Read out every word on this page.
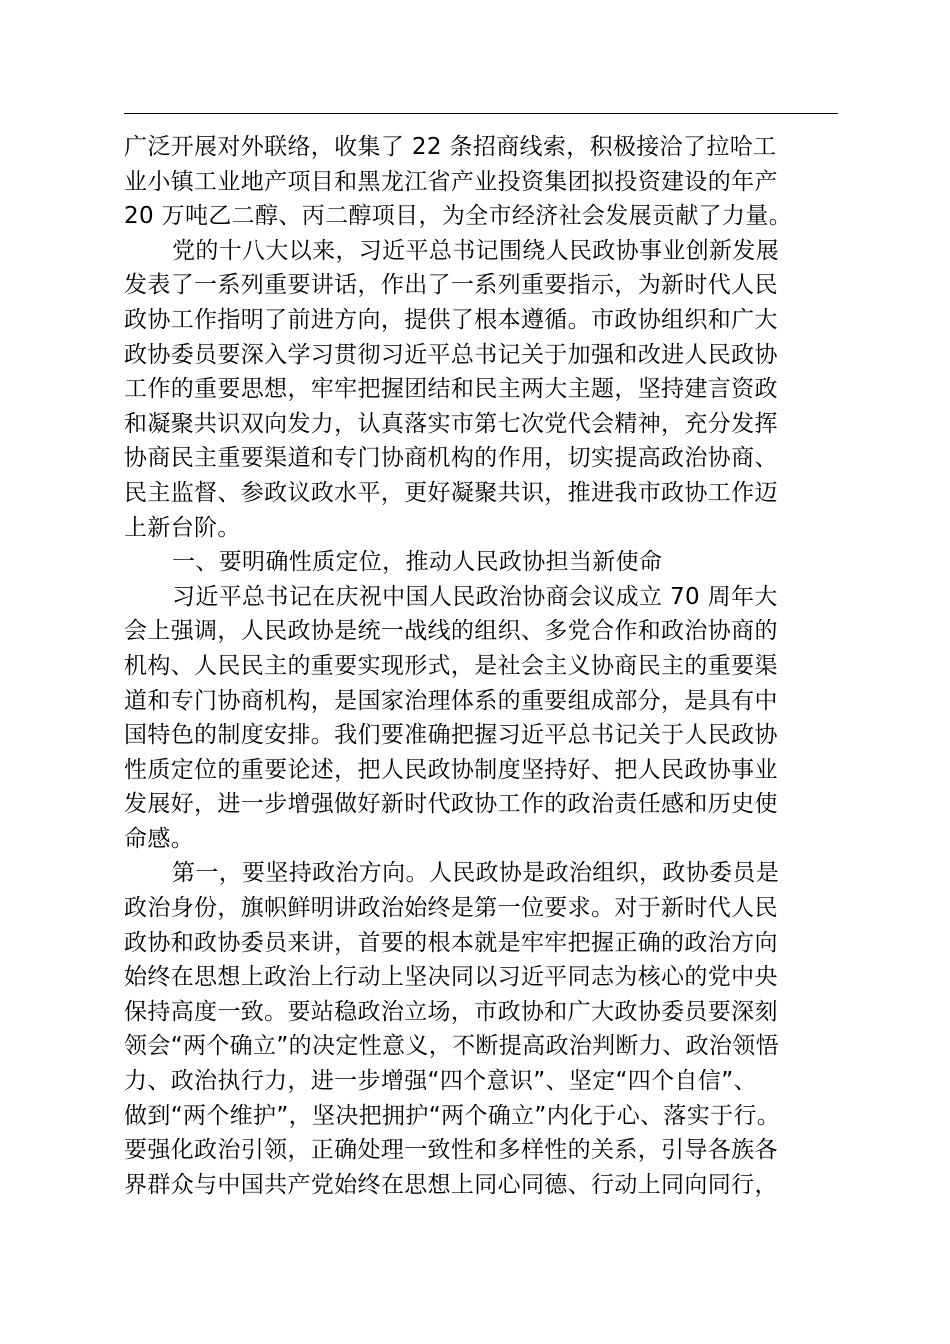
广泛开展对外联络，收集了 22 条招商线索，积极接洽了拉哈工
业小镇工业地产项目和黑龙江省产业投资集团拟投资建设的年产
20 万吨乙二醇、丙二醇项目，为全市经济社会发展贡献了力量。
党的十八大以来，习近平总书记围绕人民政协事业创新发展
发表了一系列重要讲话，作出了一系列重要指示，为新时代人民
政协工作指明了前进方向，提供了根本遵循。市政协组织和广大
政协委员要深入学习贯彻习近平总书记关于加强和改进人民政协
工作的重要思想，牢牢把握团结和民主两大主题，坚持建言资政
和凝聚共识双向发力，认真落实市第七次党代会精神，充分发挥
协商民主重要渠道和专门协商机构的作用，切实提高政治协商、
民主监督、参政议政水平，更好凝聚共识，推进我市政协工作迈
上新台阶。
一、要明确性质定位，推动人民政协担当新使命
习近平总书记在庆祝中国人民政治协商会议成立 70 周年大
会上强调，人民政协是统一战线的组织、多党合作和政治协商的
机构、人民民主的重要实现形式，是社会主义协商民主的重要渠
道和专门协商机构，是国家治理体系的重要组成部分，是具有中
国特色的制度安排。我们要准确把握习近平总书记关于人民政协
性质定位的重要论述，把人民政协制度坚持好、把人民政协事业
发展好，进一步增强做好新时代政协工作的政治责任感和历史使
命感。
第一，要坚持政治方向。人民政协是政治组织，政协委员是
政治身份，旗帜鲜明讲政治始终是第一位要求。对于新时代人民
政协和政协委员来讲，首要的根本就是牢牢把握正确的政治方向
始终在思想上政治上行动上坚决同以习近平同志为核心的党中央
保持高度一致。要站稳政治立场，市政协和广大政协委员要深刻
领会“两个确立”的决定性意义，不断提高政治判断力、政治领悟
力、政治执行力，进一步增强“四个意识”、坚定“四个自信”、
做到“两个维护”，坚决把拥护“两个确立”内化于心、落实于行。
要强化政治引领，正确处理一致性和多样性的关系，引导各族各
界群众与中国共产党始终在思想上同心同德、行动上同向同行，
